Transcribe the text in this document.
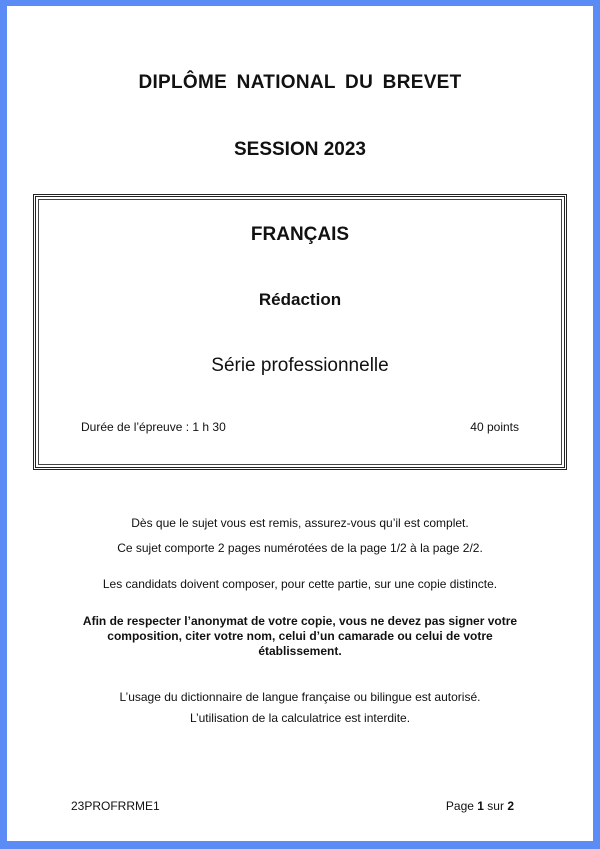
DIPLÔME NATIONAL DU BREVET
SESSION 2023
FRANÇAIS
Rédaction
Série professionnelle
Durée de l’épreuve : 1 h 30	40 points
Dès que le sujet vous est remis, assurez-vous qu’il est complet.
Ce sujet comporte 2 pages numérotées de la page 1/2 à la page 2/2.
Les candidats doivent composer, pour cette partie, sur une copie distincte.
Afin de respecter l’anonymat de votre copie, vous ne devez pas signer votre
composition, citer votre nom, celui d’un camarade ou celui de votre
établissement.
L’usage du dictionnaire de langue française ou bilingue est autorisé.
L’utilisation de la calculatrice est interdite.
23PROFRRME1	Page 1 sur 2
